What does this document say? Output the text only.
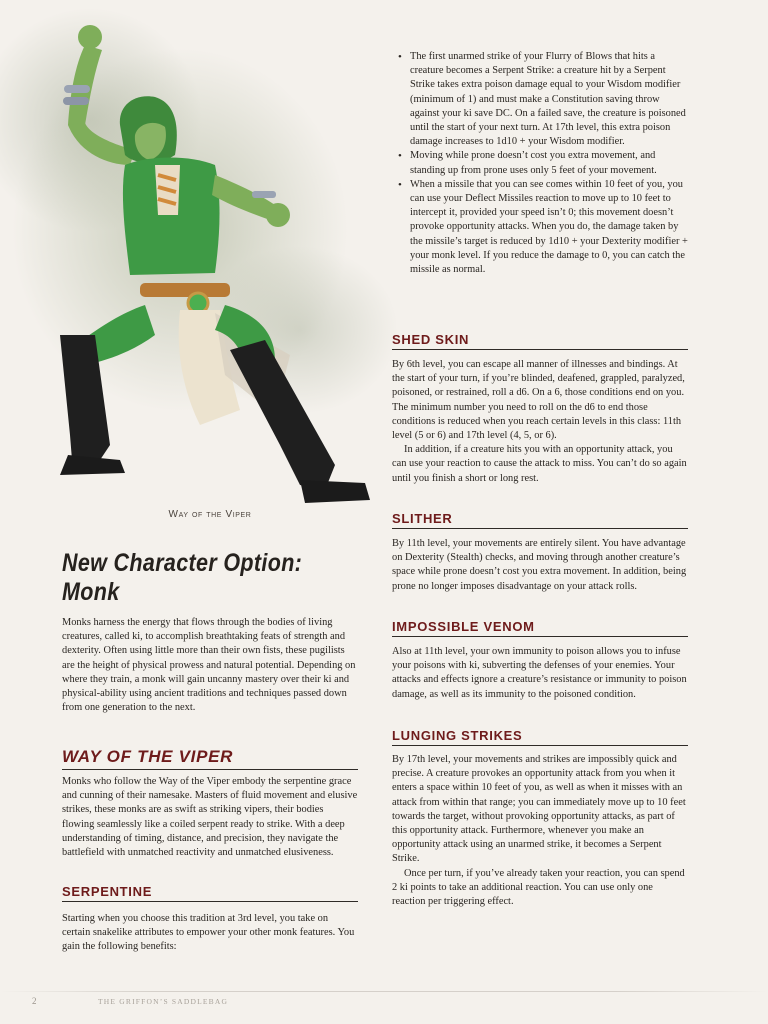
Way of the Viper
New Character Option: Monk

Monks harness the energy that flows through the bodies of living creatures, called ki, to accomplish breathtaking feats of strength and dexterity. Often using little more than their own fists, these pugilists are the height of physical prowess and natural potential. Depending on where they train, a monk will gain uncanny mastery over their ki and physical-ability using ancient traditions and techniques passed down from one generation to the next.

WAY OF THE VIPER

Monks who follow the Way of the Viper embody the serpentine grace and cunning of their namesake. Masters of fluid movement and elusive strikes, these monks are as swift as striking vipers, their bodies flowing seamlessly like a coiled serpent ready to strike. With a deep understanding of timing, distance, and precision, they navigate the battlefield with unmatched reactivity and unmatched elusiveness.

SERPENTINE

Starting when you choose this tradition at 3rd level, you take on certain snakelike attributes to empower your other monk features. You gain the following benefits:

• The first unarmed strike of your Flurry of Blows that hits a creature becomes a Serpent Strike: a creature hit by a Serpent Strike takes extra poison damage equal to your Wisdom modifier (minimum of 1) and must make a Constitution saving throw against your ki save DC. On a failed save, the creature is poisoned until the start of your next turn. At 17th level, this extra poison damage increases to 1d10 + your Wisdom modifier.
• Moving while prone doesn’t cost you extra movement, and standing up from prone uses only 5 feet of your movement.
• When a missile that you can see comes within 10 feet of you, you can use your Deflect Missiles reaction to move up to 10 feet to intercept it, provided your speed isn’t 0; this movement doesn’t provoke opportunity attacks. When you do, the damage taken by the missile’s target is reduced by 1d10 + your Dexterity modifier + your monk level. If you reduce the damage to 0, you can catch the missile as normal.
SHED SKIN

By 6th level, you can escape all manner of illnesses and bindings. At the start of your turn, if you’re blinded, deafened, grappled, paralyzed, poisoned, or restrained, roll a d6. On a 6, those conditions end on you. The minimum number you need to roll on the d6 to end those conditions is reduced when you reach certain levels in this class: 11th level (5 or 6) and 17th level (4, 5, or 6).

In addition, if a creature hits you with an opportunity attack, you can use your reaction to cause the attack to miss. You can’t do so again until you finish a short or long rest.

SLITHER

By 11th level, your movements are entirely silent. You have advantage on Dexterity (Stealth) checks, and moving through another creature’s space while prone doesn’t cost you extra movement. In addition, being prone no longer imposes disadvantage on your attack rolls.

IMPOSSIBLE VENOM

Also at 11th level, your own immunity to poison allows you to infuse your poisons with ki, subverting the defenses of your enemies. Your attacks and effects ignore a creature’s resistance or immunity to poison damage, as well as its immunity to the poisoned condition.

LUNGING STRIKES

By 17th level, your movements and strikes are impossibly quick and precise. A creature provokes an opportunity attack from you when it enters a space within 10 feet of you, as well as when it misses with an attack from within that range; you can immediately move up to 10 feet towards the target, without provoking opportunity attacks, as part of this opportunity attack. Furthermore, whenever you make an opportunity attack using an unarmed strike, it becomes a Serpent Strike.

Once per turn, if you’ve already taken your reaction, you can spend 2 ki points to take an additional reaction. You can use only one reaction per triggering effect.

2	THE GRIFFON’S SADDLEBAG
